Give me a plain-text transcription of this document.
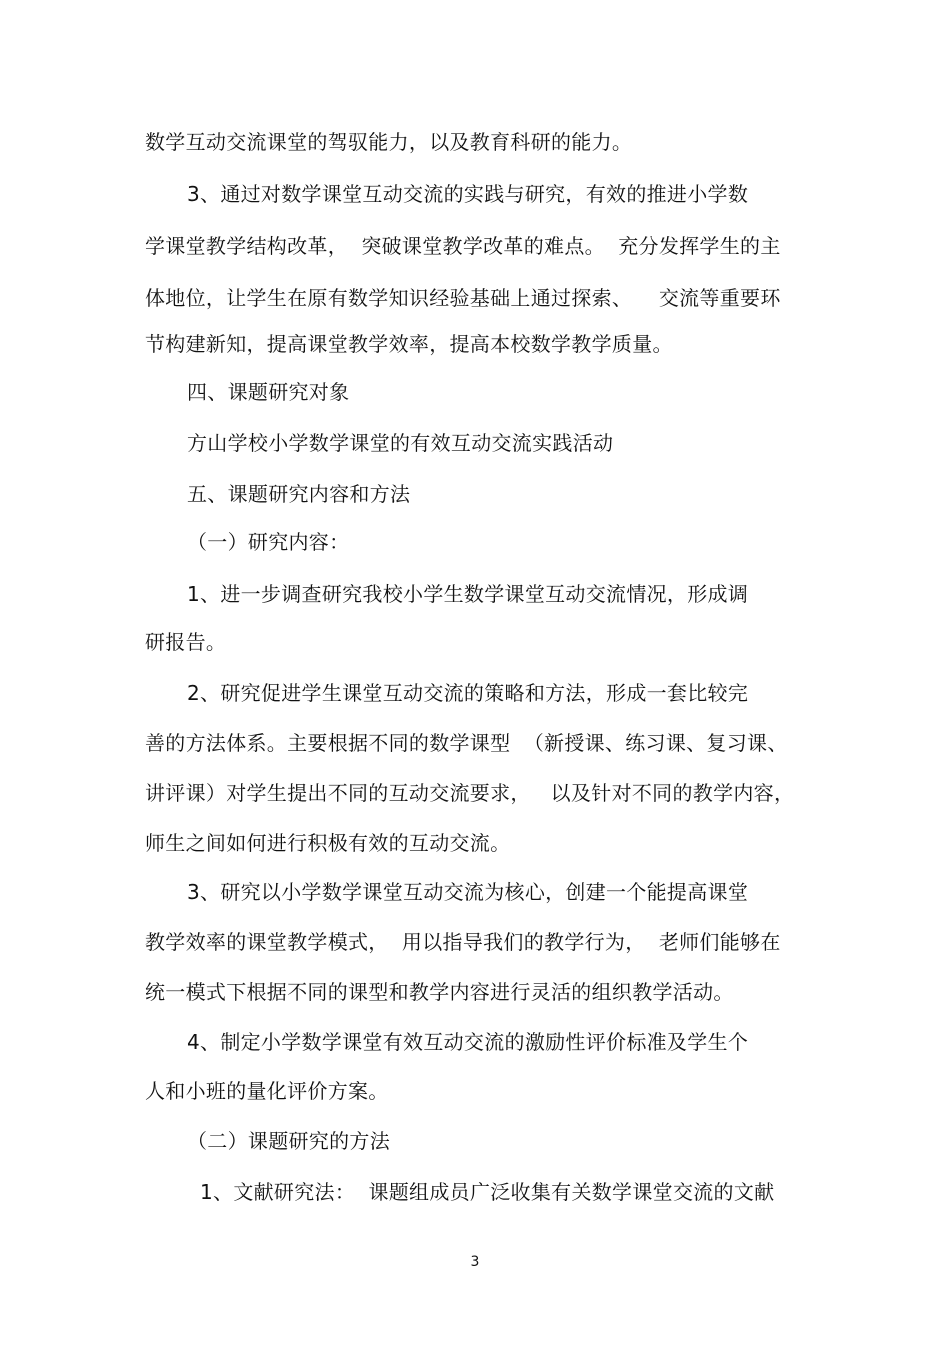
数学互动交流课堂的驾驭能力，以及教育科研的能力。
3、通过对数学课堂互动交流的实践与研究，有效的推进小学数
学课堂教学结构改革，  突破课堂教学改革的难点。  充分发挥学生的主
体地位，让学生在原有数学知识经验基础上通过探索、    交流等重要环
节构建新知，提高课堂教学效率，提高本校数学教学质量。
四、课题研究对象
方山学校小学数学课堂的有效互动交流实践活动
五、课题研究内容和方法
（一）研究内容：
1、进一步调查研究我校小学生数学课堂互动交流情况，形成调
研报告。
2、研究促进学生课堂互动交流的策略和方法，形成一套比较完
善的方法体系。主要根据不同的数学课型  （新授课、练习课、复习课、
讲评课）对学生提出不同的互动交流要求，   以及针对不同的教学内容，
师生之间如何进行积极有效的互动交流。
3、研究以小学数学课堂互动交流为核心，创建一个能提高课堂
教学效率的课堂教学模式，  用以指导我们的教学行为，  老师们能够在
统一模式下根据不同的课型和教学内容进行灵活的组织教学活动。
4、制定小学数学课堂有效互动交流的激励性评价标准及学生个
人和小班的量化评价方案。
（二）课题研究的方法
1、文献研究法：  课题组成员广泛收集有关数学课堂交流的文献
3
